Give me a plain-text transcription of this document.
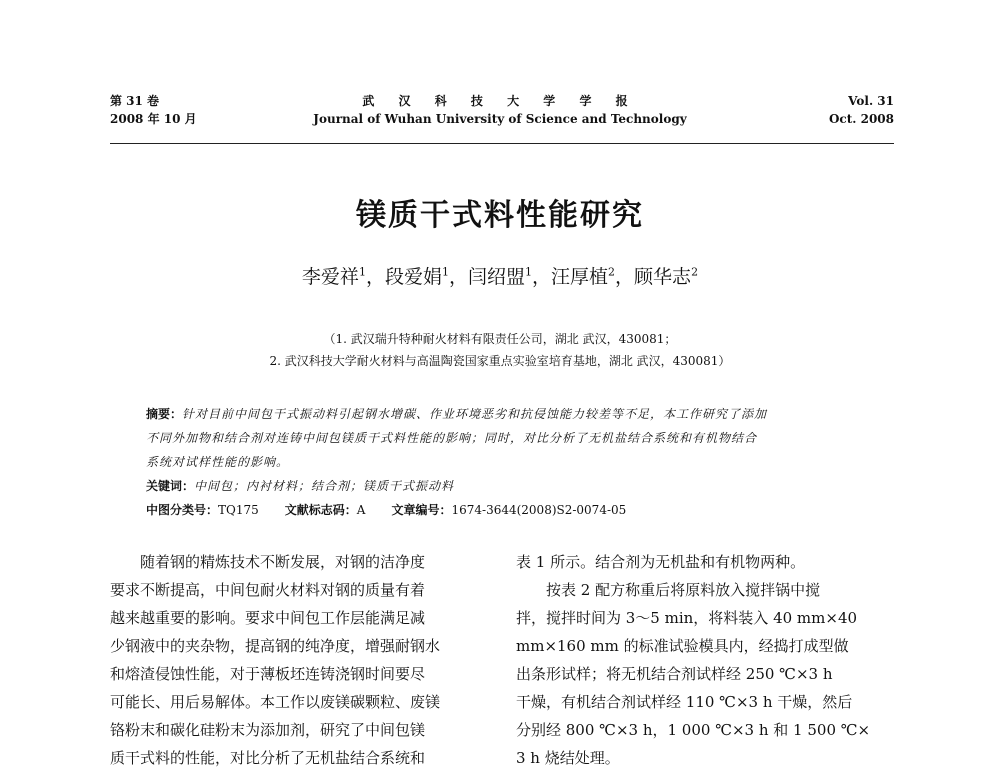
第 31 卷
2008 年 10 月
武 汉 科 技 大 学 学 报
Journal of Wuhan University of Science and Technology
Vol. 31
Oct. 2008
镁质干式料性能研究
李爱祥$^1$，段爱娟$^1$，闫绍盟$^1$，汪厚植$^2$，顾华志$^2$
（1. 武汉瑞升特种耐火材料有限责任公司，湖北 武汉，430081；
2. 武汉科技大学耐火材料与高温陶瓷国家重点实验室培育基地，湖北 武汉，430081）

摘要：针对目前中间包干式振动料引起钢水增碳、作业环境恶劣和抗侵蚀能力较差等不足，本工作研究了添加

不同外加物和结合剂对连铸中间包镁质干式料性能的影响；同时，对比分析了无机盐结合系统和有机物结合

系统对试样性能的影响。

关键词：中间包；内衬材料；结合剂；镁质干式振动料

中图分类号：TQ175 文献标志码：A 文章编号：1674-3644(2008)S2-0074-05

随着钢的精炼技术不断发展，对钢的洁净度

要求不断提高，中间包耐火材料对钢的质量有着

越来越重要的影响。要求中间包工作层能满足减

少钢液中的夹杂物，提高钢的纯净度，增强耐钢水

和熔渣侵蚀性能，对于薄板坯连铸浇钢时间要尽

可能长、用后易解体。本工作以废镁碳颗粒、废镁

铬粉末和碳化硅粉末为添加剂，研究了中间包镁

质干式料的性能，对比分析了无机盐结合系统和

表 1 所示。结合剂为无机盐和有机物两种。

按表 2 配方称重后将原料放入搅拌锅中搅

拌，搅拌时间为 3～5 min，将料装入 40 mm×40

mm×160 mm 的标准试验模具内，经捣打成型做

出条形试样；将无机结合剂试样经 250 ℃×3 h

干燥，有机结合剂试样经 110 ℃×3 h 干燥，然后

分别经 800 ℃×3 h，1 000 ℃×3 h 和 1 500 ℃×

3 h 烧结处理。
